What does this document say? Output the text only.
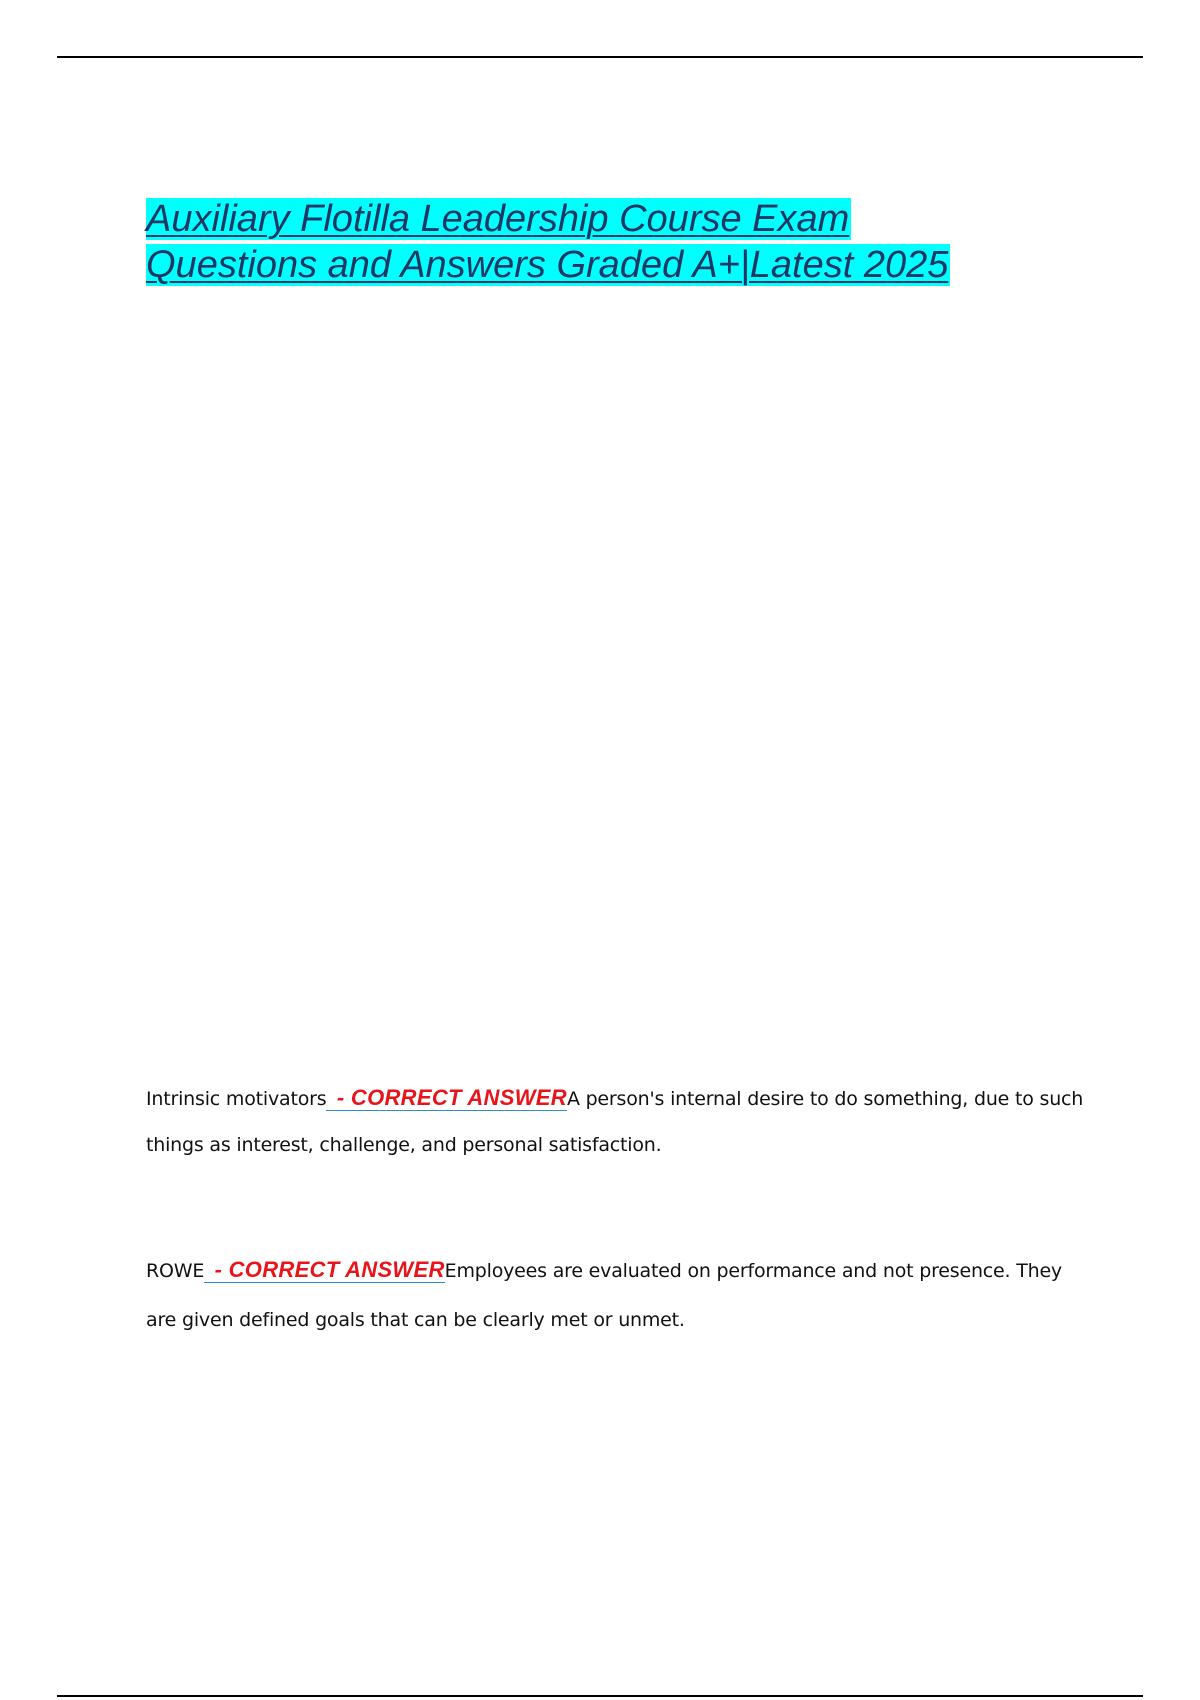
Auxiliary Flotilla Leadership Course Exam
Questions and Answers Graded A+|Latest 2025
Intrinsic motivators - CORRECT ANSWERA person's internal desire to do something, due to such things as interest, challenge, and personal satisfaction.
ROWE - CORRECT ANSWEREmployees are evaluated on performance and not presence. They are given defined goals that can be clearly met or unmet.
